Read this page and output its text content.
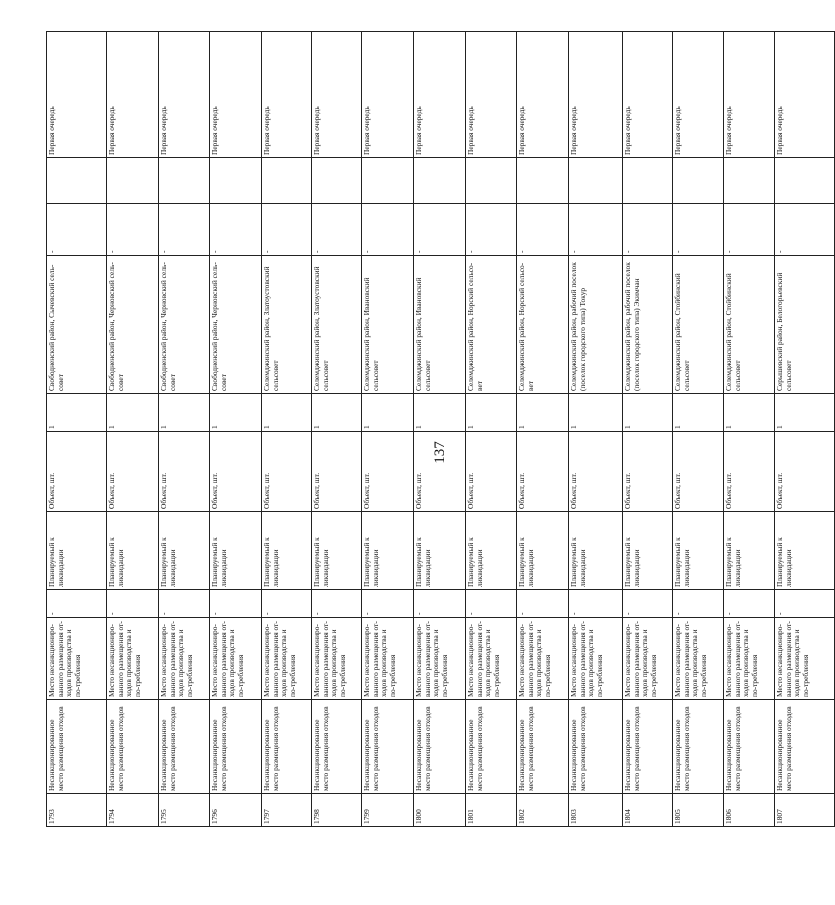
137
1793	Несанкционированное место размещения отходов	Место несанкциониро-ванного размещения от-ходов производства и по-требления	-	Планируемый к ликвидации	Объект, шт.	1	Свободненский район, Сычевский сель-совет	-		Первая очередь
1794	Несанкционированное место размещения отходов	Место несанкциониро-ванного размещения от-ходов производства и по-требления	-	Планируемый к ликвидации	Объект, шт.	1	Свободненский район, Черновский сель-совет	-		Первая очередь
1795	Несанкционированное место размещения отходов	Место несанкциониро-ванного размещения от-ходов производства и по-требления	-	Планируемый к ликвидации	Объект, шт.	1	Свободненский район, Черновский сель-совет	-		Первая очередь
1796	Несанкционированное место размещения отходов	Место несанкциониро-ванного размещения от-ходов производства и по-требления	-	Планируемый к ликвидации	Объект, шт.	1	Свободненский район, Черновский сель-совет	-		Первая очередь
1797	Несанкционированное место размещения отходов	Место несанкциониро-ванного размещения от-ходов производства и по-требления	-	Планируемый к ликвидации	Объект, шт.	1	Селемджинский район, Златоустовский сельсовет	-		Первая очередь
1798	Несанкционированное место размещения отходов	Место несанкциониро-ванного размещения от-ходов производства и по-требления	-	Планируемый к ликвидации	Объект, шт.	1	Селемджинский район, Златоустовский сельсовет	-		Первая очередь
1799	Несанкционированное место размещения отходов	Место несанкциониро-ванного размещения от-ходов производства и по-требления	-	Планируемый к ликвидации	Объект, шт.	1	Селемджинский район, Ивановский сельсовет	-		Первая очередь
1800	Несанкционированное место размещения отходов	Место несанкциониро-ванного размещения от-ходов производства и по-требления	-	Планируемый к ликвидации	Объект, шт.	1	Селемджинский район, Ивановский сельсовет	-		Первая очередь
1801	Несанкционированное место размещения отходов	Место несанкциониро-ванного размещения от-ходов производства и по-требления	-	Планируемый к ликвидации	Объект, шт.	1	Селемджинский район, Норский сельсо-вет	-		Первая очередь
1802	Несанкционированное место размещения отходов	Место несанкциониро-ванного размещения от-ходов производства и по-требления	-	Планируемый к ликвидации	Объект, шт.	1	Селемджинский район, Норский сельсо-вет	-		Первая очередь
1803	Несанкционированное место размещения отходов	Место несанкциониро-ванного размещения от-ходов производства и по-требления	-	Планируемый к ликвидации	Объект, шт.	1	Селемджинский район, рабочий поселок (поселок городского типа) Токур	-		Первая очередь
1804	Несанкционированное место размещения отходов	Место несанкциониро-ванного размещения от-ходов производства и по-требления	-	Планируемый к ликвидации	Объект, шт.	1	Селемджинский район, рабочий поселок (поселок городского типа) Экимчан	-		Первая очередь
1805	Несанкционированное место размещения отходов	Место несанкциониро-ванного размещения от-ходов производства и по-требления	-	Планируемый к ликвидации	Объект, шт.	1	Селемджинский район, Стойбинский сельсовет	-		Первая очередь
1806	Несанкционированное место размещения отходов	Место несанкциониро-ванного размещения от-ходов производства и по-требления	-	Планируемый к ликвидации	Объект, шт.	1	Селемджинский район, Стойбинский сельсовет	-		Первая очередь
1807	Несанкционированное место размещения отходов	Место несанкциониро-ванного размещения от-ходов производства и по-требления	-	Планируемый к ликвидации	Объект, шт.	1	Серышевский район, Белогорьевский сельсовет	-		Первая очередь
